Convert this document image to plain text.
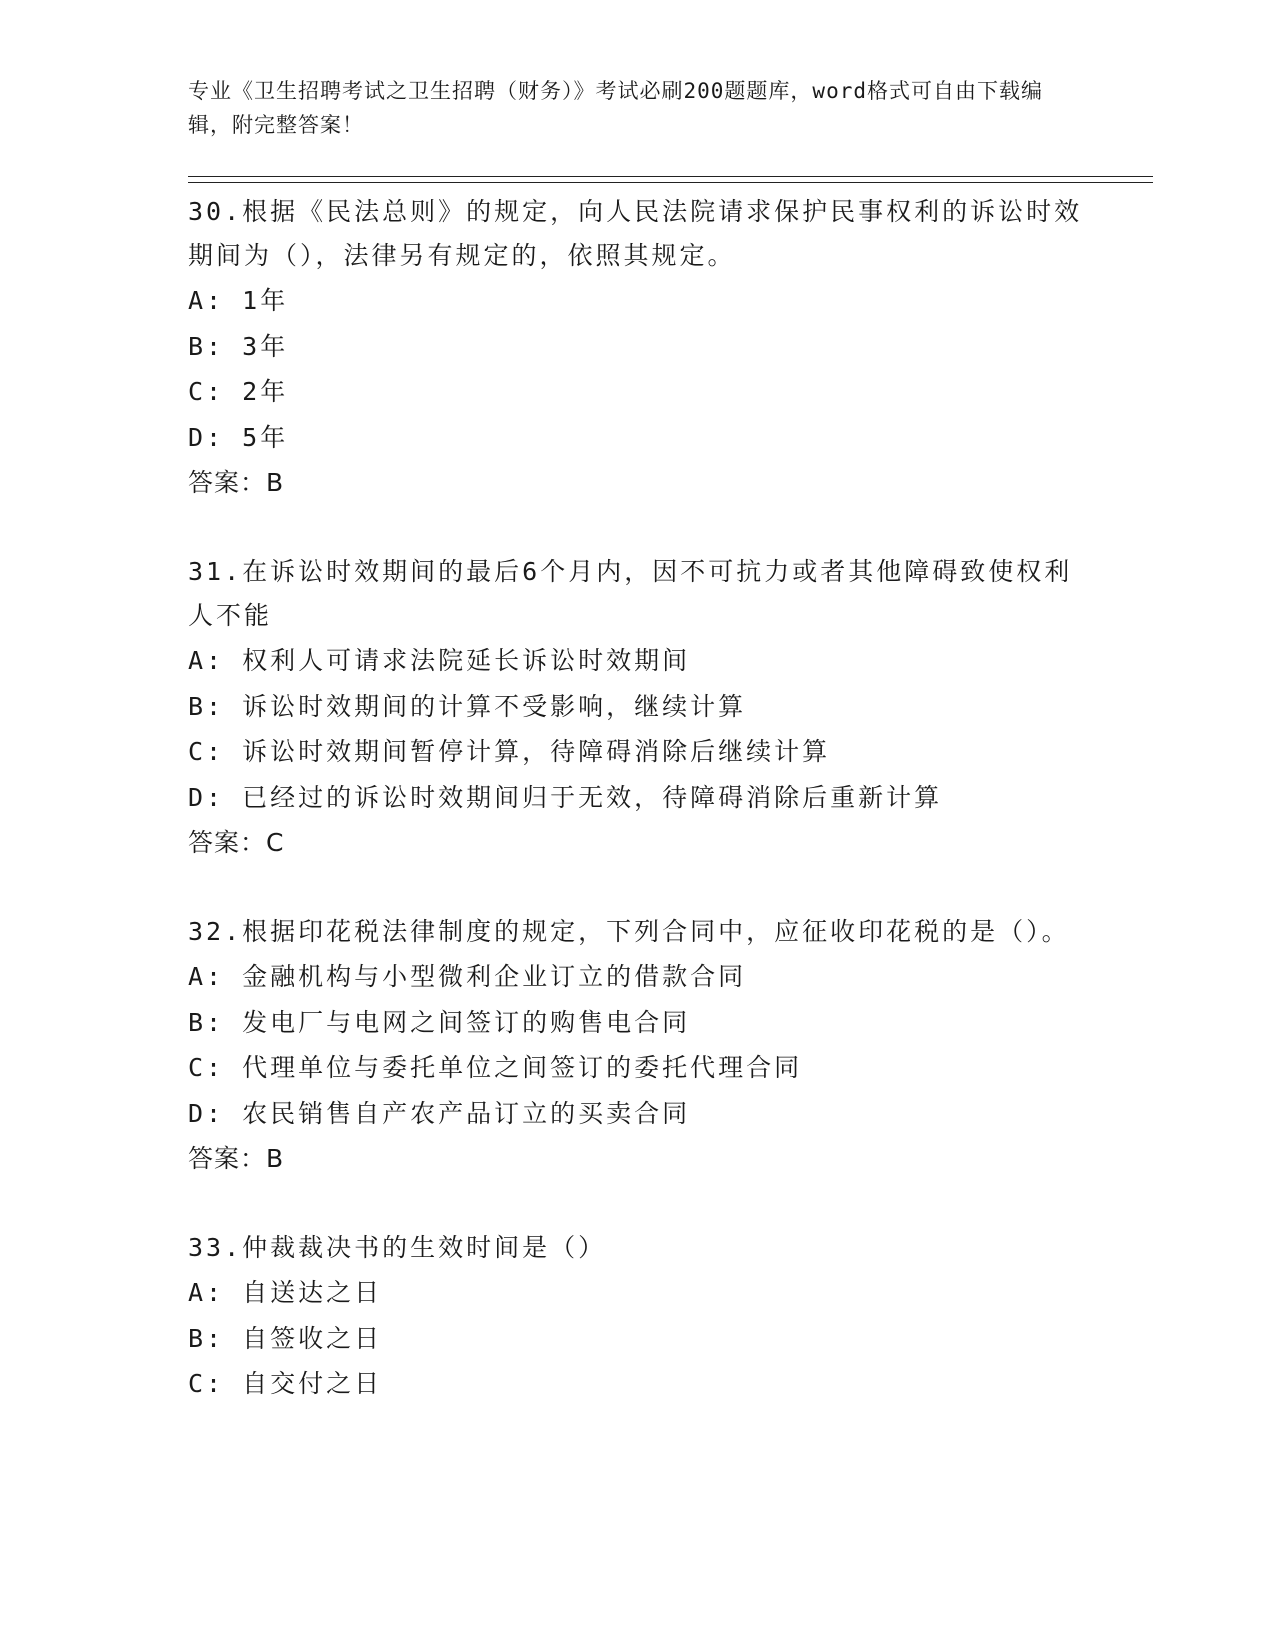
专业《卫生招聘考试之卫生招聘（财务）》考试必刷200题题库，word格式可自由下载编辑，附完整答案！

30.根据《民法总则》的规定，向人民法院请求保护民事权利的诉讼时效期间为（），法律另有规定的，依照其规定。

A: 1年

B: 3年

C: 2年

D: 5年

答案：B

31.在诉讼时效期间的最后6个月内，因不可抗力或者其他障碍致使权利人不能

A: 权利人可请求法院延长诉讼时效期间

B: 诉讼时效期间的计算不受影响，继续计算

C: 诉讼时效期间暂停计算，待障碍消除后继续计算

D: 已经过的诉讼时效期间归于无效，待障碍消除后重新计算

答案：C

32.根据印花税法律制度的规定，下列合同中，应征收印花税的是（）。

A: 金融机构与小型微利企业订立的借款合同

B: 发电厂与电网之间签订的购售电合同

C: 代理单位与委托单位之间签订的委托代理合同

D: 农民销售自产农产品订立的买卖合同

答案：B

33.仲裁裁决书的生效时间是（）

A: 自送达之日

B: 自签收之日

C: 自交付之日
